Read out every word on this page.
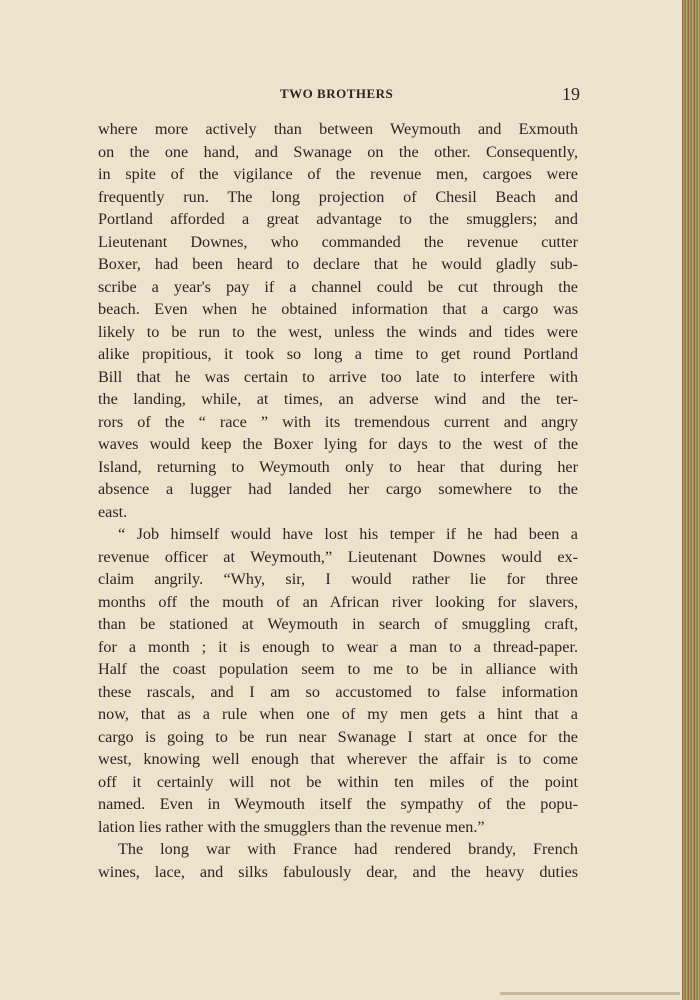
TWO BROTHERS	19
where more actively than between Weymouth and Exmouth
on the one hand, and Swanage on the other. Consequently,
in spite of the vigilance of the revenue men, cargoes were
frequently run. The long projection of Chesil Beach and
Portland afforded a great advantage to the smugglers; and
Lieutenant Downes, who commanded the revenue cutter
Boxer, had been heard to declare that he would gladly sub-
scribe a year's pay if a channel could be cut through the
beach. Even when he obtained information that a cargo was
likely to be run to the west, unless the winds and tides were
alike propitious, it took so long a time to get round Portland
Bill that he was certain to arrive too late to interfere with
the landing, while, at times, an adverse wind and the ter-
rors of the “ race ” with its tremendous current and angry
waves would keep the Boxer lying for days to the west of the
Island, returning to Weymouth only to hear that during her
absence a lugger had landed her cargo somewhere to the
east.
“ Job himself would have lost his temper if he had been a
revenue officer at Weymouth,” Lieutenant Downes would ex-
claim angrily. “Why, sir, I would rather lie for three
months off the mouth of an African river looking for slavers,
than be stationed at Weymouth in search of smuggling craft,
for a month ; it is enough to wear a man to a thread-paper.
Half the coast population seem to me to be in alliance with
these rascals, and I am so accustomed to false information
now, that as a rule when one of my men gets a hint that a
cargo is going to be run near Swanage I start at once for the
west, knowing well enough that wherever the affair is to come
off it certainly will not be within ten miles of the point
named. Even in Weymouth itself the sympathy of the popu-
lation lies rather with the smugglers than the revenue men.”
The long war with France had rendered brandy, French
wines, lace, and silks fabulously dear, and the heavy duties
